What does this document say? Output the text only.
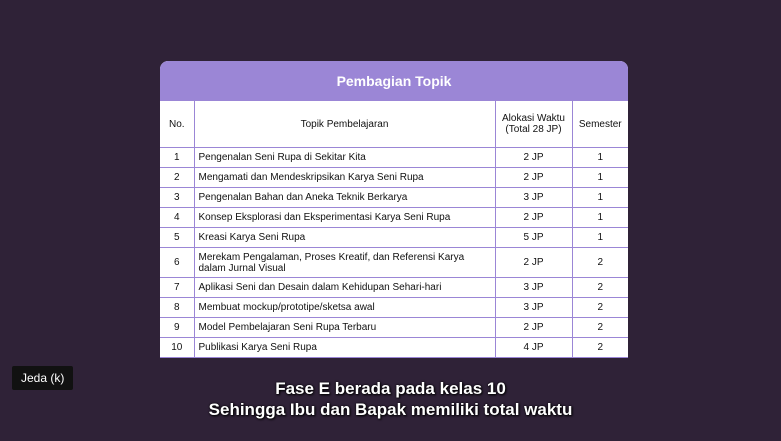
Pembagian Topik
No.	Topik Pembelajaran	Alokasi Waktu (Total 28 JP)	Semester
1	Pengenalan Seni Rupa di Sekitar Kita	2 JP	1
2	Mengamati dan Mendeskripsikan Karya Seni Rupa	2 JP	1
3	Pengenalan Bahan dan Aneka Teknik Berkarya	3 JP	1
4	Konsep Eksplorasi dan Eksperimentasi Karya Seni Rupa	2 JP	1
5	Kreasi Karya Seni Rupa	5 JP	1
6	Merekam Pengalaman, Proses Kreatif, dan Referensi Karya dalam Jurnal Visual	2 JP	2
7	Aplikasi Seni dan Desain dalam Kehidupan Sehari-hari	3 JP	2
8	Membuat mockup/prototipe/sketsa awal	3 JP	2
9	Model Pembelajaran Seni Rupa Terbaru	2 JP	2
10	Publikasi Karya Seni Rupa	4 JP	2
Jeda (k)
Fase E berada pada kelas 10
Sehingga Ibu dan Bapak memiliki total waktu
